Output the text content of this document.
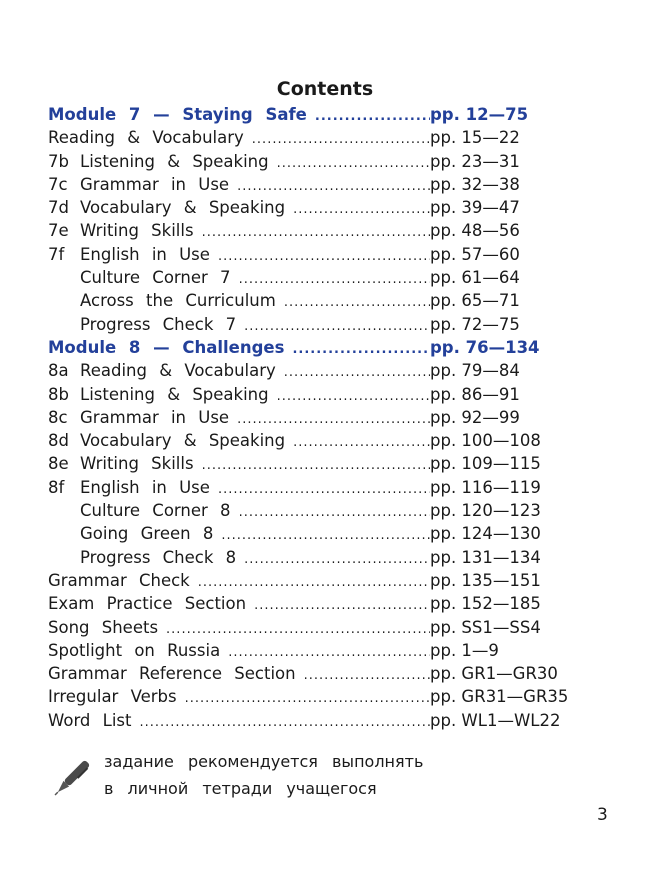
Contents
Module 7 — Staying Safe .....	pp. 12—75
Reading & Vocabulary .....	pp. 15—22
7b Listening & Speaking .....	pp. 23—31
7c Grammar in Use .....	pp. 32—38
7d Vocabulary & Speaking .....	pp. 39—47
7e Writing Skills .....	pp. 48—56
7f English in Use .....	pp. 57—60
Culture Corner 7 .....	pp. 61—64
Across the Curriculum .....	pp. 65—71
Progress Check 7 .....	pp. 72—75
Module 8 — Challenges .....	pp. 76—134
8a Reading & Vocabulary .....	pp. 79—84
8b Listening & Speaking .....	pp. 86—91
8c Grammar in Use .....	pp. 92—99
8d Vocabulary & Speaking .....	pp. 100—108
8e Writing Skills .....	pp. 109—115
8f English in Use .....	pp. 116—119
Culture Corner 8 .....	pp. 120—123
Going Green 8 .....	pp. 124—130
Progress Check 8 .....	pp. 131—134
Grammar Check .....	pp. 135—151
Exam Practice Section .....	pp. 152—185
Song Sheets .....	pp. SS1—SS4
Spotlight on Russia .....	pp. 1—9
Grammar Reference Section .....	pp. GR1—GR30
Irregular Verbs .....	pp. GR31—GR35
Word List .....	pp. WL1—WL22
задание рекомендуется выполнять
в личной тетради учащегося
3
